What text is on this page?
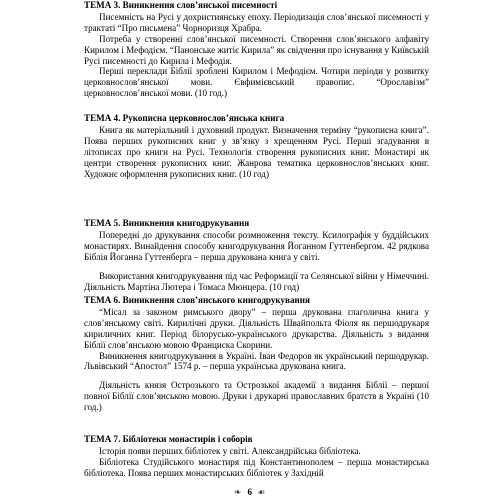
ТЕМА 3. Виникнення слов’янської писемності

Писемність на Русі у дохристиянську епоху. Періодизація слов’янської писемності у трактаті “Про письмена” Чорноризця Храбра.

Потреба у створенні слов’янської писемності. Створення слов’янського алфавіту Кирилом і Мефодієм. “Панонське житіє Кирила” як свідчення про існування у Київській Русі писемності до Кирила і Мефодія.

Перші переклади Біблії зроблені Кирилом і Мефодієм. Чотири періоди у розвитку церковнослов’янської мови. Євфимієвський правопис. “Орославізм” церковнослов’янської мови. (10 год.)

ТЕМА 4. Рукописна церковнослов’янська книга

Книга як матеріальний і духовний продукт. Визначення терміну “рукописна книга”. Поява перших рукописних книг у зв’язку з хрещенням Русі. Перші згадування в літописах про книги на Русі. Технологія створення рукописних книг. Монастирі як центри створення рукописних книг. Жанрова тематика церковнослов’янських книг. Художнє оформлення рукописних книг. (10 год)

ТЕМА 5. Виникнення книгодрукування

Попередні до друкування способи розмноження тексту. Ксилографія у буддійських монастирях. Винайдення способу книгодрукування Йоганном Гуттенбергом. 42 рядкова Біблія Йоганна Гуттенберга – перша друкована книга у світі.

Використання книгодрукування під час Реформації та Селянської війни у Німеччині. Діяльність Мартіна Лютера і Томаса Мюнцера. (10 год)

ТЕМА 6. Виникнення слов’янського книгодрукування

“Місал за законом римського двору” – перша друкована глаголична книга у слов’янському світі. Кирилічні друки. Діяльність Швайпольта Фіоля як першодрукаря кириличних книг. Період білорусько-українського друкарства. Діяльність з видання Біблії слов’янською мовою Франциска Скорини.

Виникнення книгодрукування в Україні. Іван Федоров як український першодрукар. Львівський “Апостол” 1574 р. – перша українська друкована книга.

Діяльність князя Острозького та Острозької академії з видання Біблії – першої повної Біблії слов’янською мовою. Друки і друкарні православних братств в Україні (10 год.)

ТЕМА 7. Бібліотеки монастирів і соборів

Історія появи перших бібліотек у світі. Александрійська бібліотека.

Бібліотека Студійського монастиря під Константинополем – перша монастирська бібліотека. Поява перших монастирських бібліотек у Західній

❧ 6 ☙
